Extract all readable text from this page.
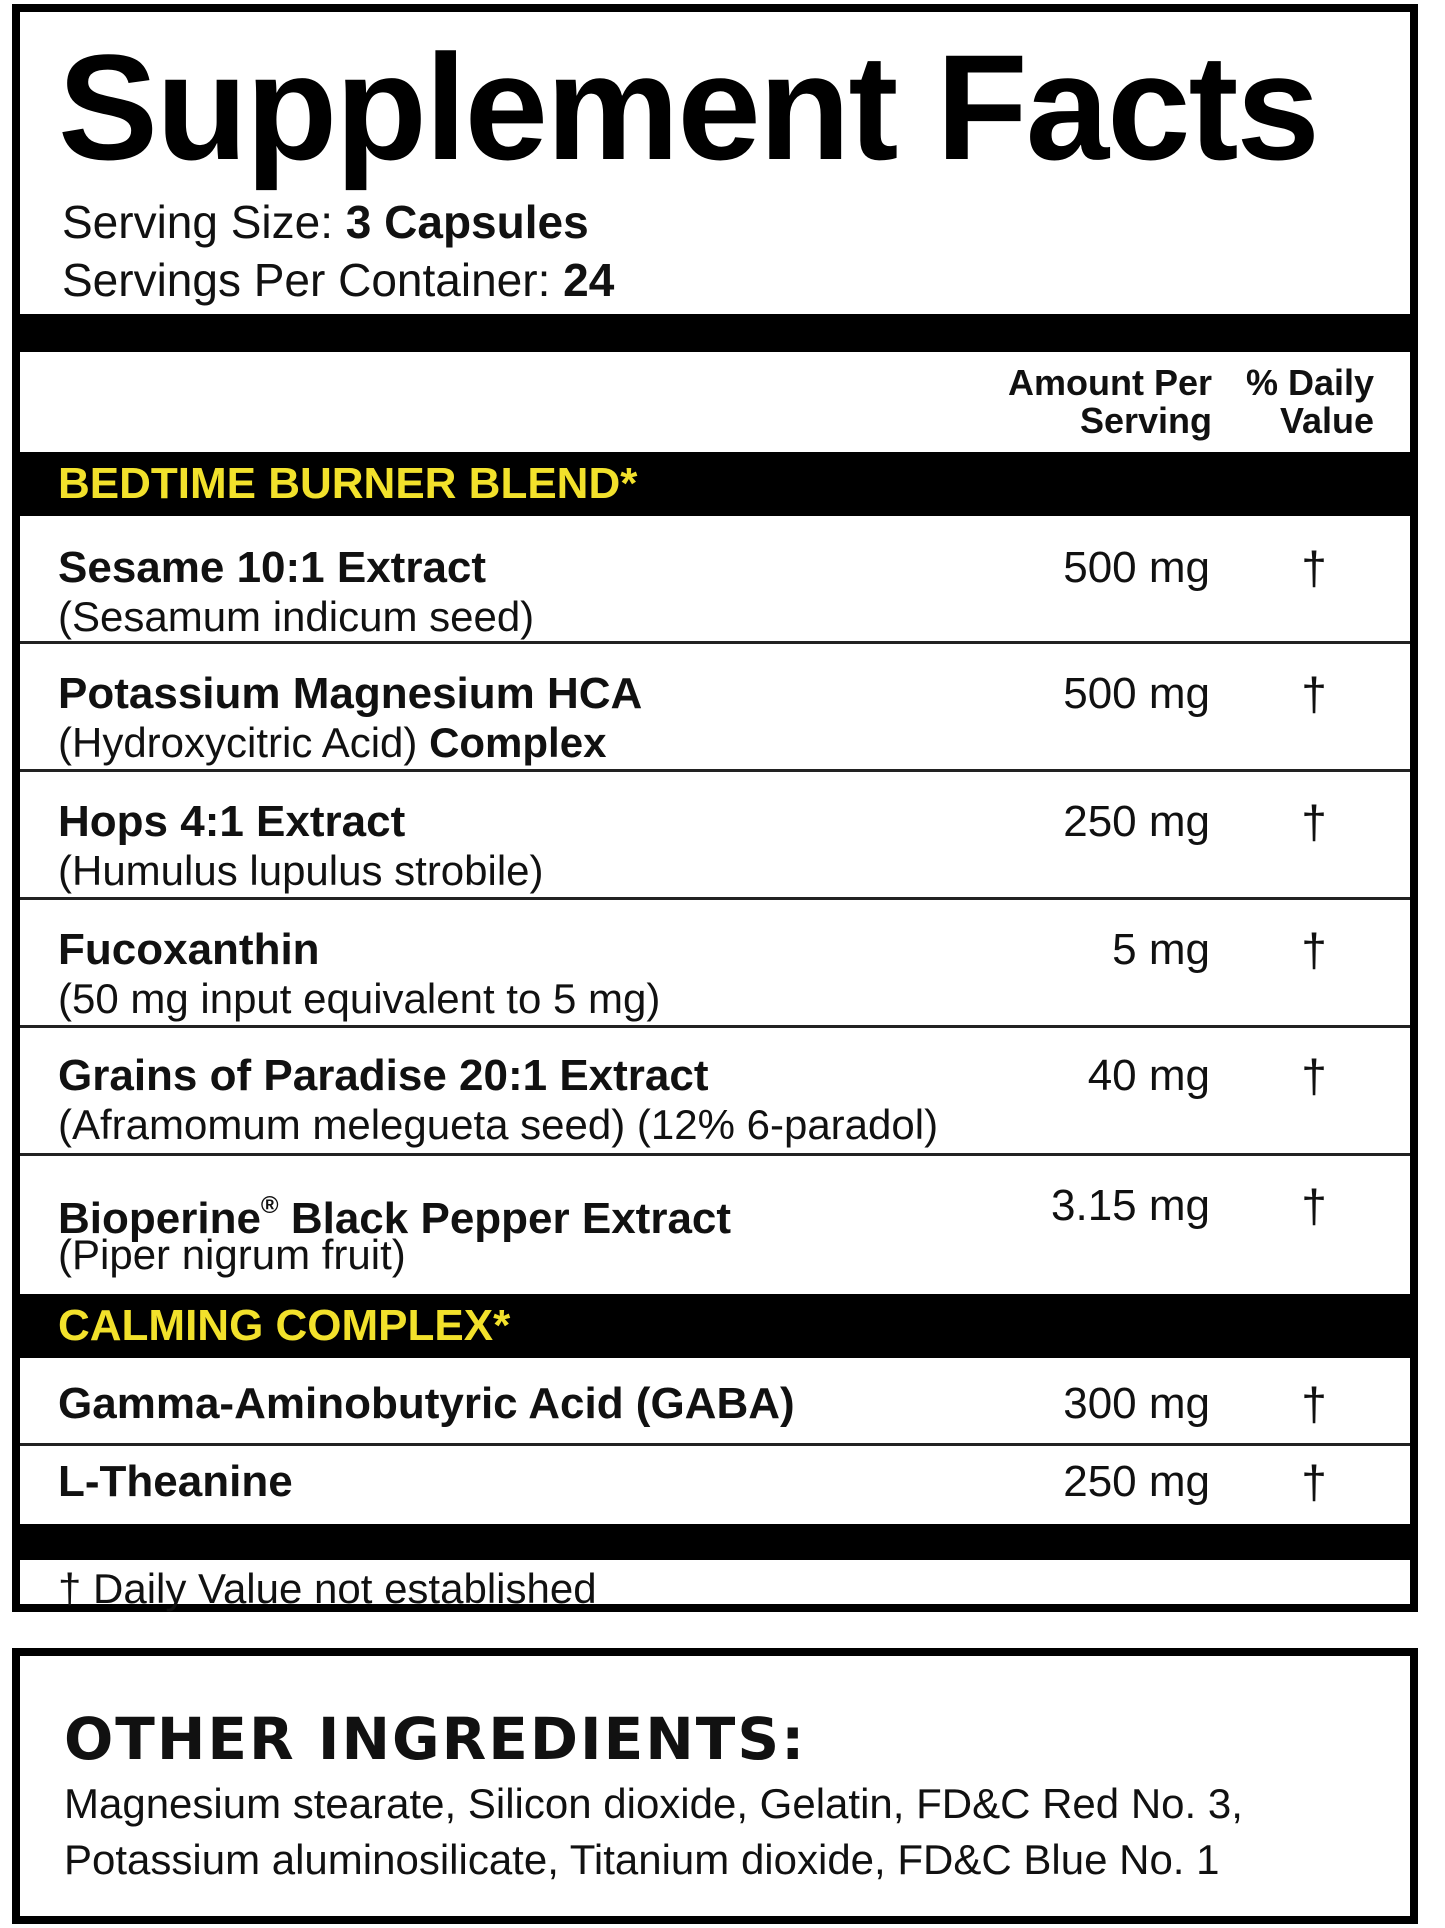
Supplement Facts
Serving Size: 3 Capsules
Servings Per Container: 24
Amount Per
Serving
% Daily
Value
BEDTIME BURNER BLEND*
Sesame 10:1 Extract
(Sesamum indicum seed)
500 mg †
Potassium Magnesium HCA
(Hydroxycitric Acid) Complex
500 mg †
Hops 4:1 Extract
(Humulus lupulus strobile)
250 mg †
Fucoxanthin
(50 mg input equivalent to 5 mg)
5 mg †
Grains of Paradise 20:1 Extract
(Aframomum melegueta seed) (12% 6-paradol)
40 mg †
Bioperine® Black Pepper Extract
(Piper nigrum fruit)
3.15 mg †
CALMING COMPLEX*
Gamma-Aminobutyric Acid (GABA)	300 mg †
L-Theanine	250 mg †
† Daily Value not established
OTHER INGREDIENTS:
Magnesium stearate, Silicon dioxide, Gelatin, FD&C Red No. 3,
Potassium aluminosilicate, Titanium dioxide, FD&C Blue No. 1
